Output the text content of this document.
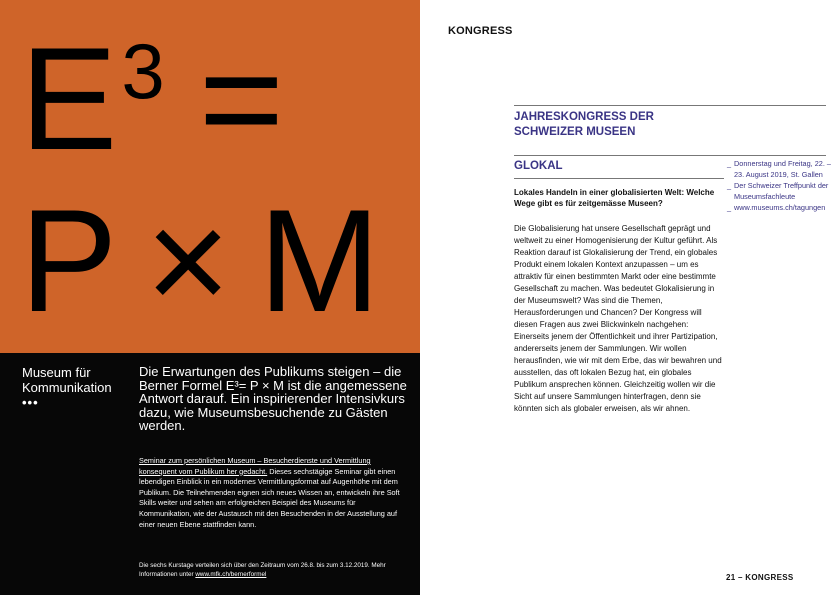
$E^3$ =
P × M
Museum für Kommunikation
•••
Die Erwartungen des Publikums steigen – die Berner Formel E³= P × M ist die angemessene Antwort darauf. Ein inspirierender Intensivkurs dazu, wie Museumsbesuchende zu Gästen werden.
Seminar zum persönlichen Museum – Besucherdienste und Vermittlung konsequent vom Publikum her gedacht. Dieses sechstägige Seminar gibt einen lebendigen Einblick in ein modernes Vermittlungsformat auf Augenhöhe mit dem Publikum. Die Teilnehmenden eignen sich neues Wissen an, entwickeln ihre Soft Skills weiter und sehen am erfolgreichen Beispiel des Museums für Kommunikation, wie der Austausch mit den Besuchenden in der Ausstellung auf einer neuen Ebene stattfinden kann.
Die sechs Kurstage verteilen sich über den Zeitraum vom 26.8. bis zum 3.12.2019. Mehr Informationen unter www.mfk.ch/bernerformel
KONGRESS
JAHRESKONGRESS DER
SCHWEIZER MUSEEN
GLOKAL
Lokales Handeln in einer globalisierten Welt: Welche Wege gibt es für zeitgemässe Museen?
Die Globalisierung hat unsere Gesellschaft geprägt und weltweit zu einer Homogenisierung der Kultur geführt. Als Reaktion darauf ist Glokalisierung der Trend, ein globales Produkt einem lokalen Kontext anzupassen – um es attraktiv für einen bestimmten Markt oder eine bestimmte Gesellschaft zu machen. Was bedeutet Glokalisierung in der Museumswelt? Was sind die Themen, Herausforderungen und Chancen? Der Kongress will diesen Fragen aus zwei Blickwinkeln nachgehen: Einerseits jenem der Öffentlichkeit und ihrer Partizipation, andererseits jenem der Sammlungen. Wir wollen herausfinden, wie wir mit dem Erbe, das wir bewahren und ausstellen, das oft lokalen Bezug hat, ein globales Publikum ansprechen können. Gleichzeitig wollen wir die Sicht auf unsere Sammlungen hinterfragen, denn sie könnten sich als globaler erweisen, als wir ahnen.
_ Donnerstag und Freitag, 22. – 23. August 2019, St. Gallen
_ Der Schweizer Treffpunkt der Museumsfachleute
_ www.museums.ch/tagungen
21 – KONGRESS
